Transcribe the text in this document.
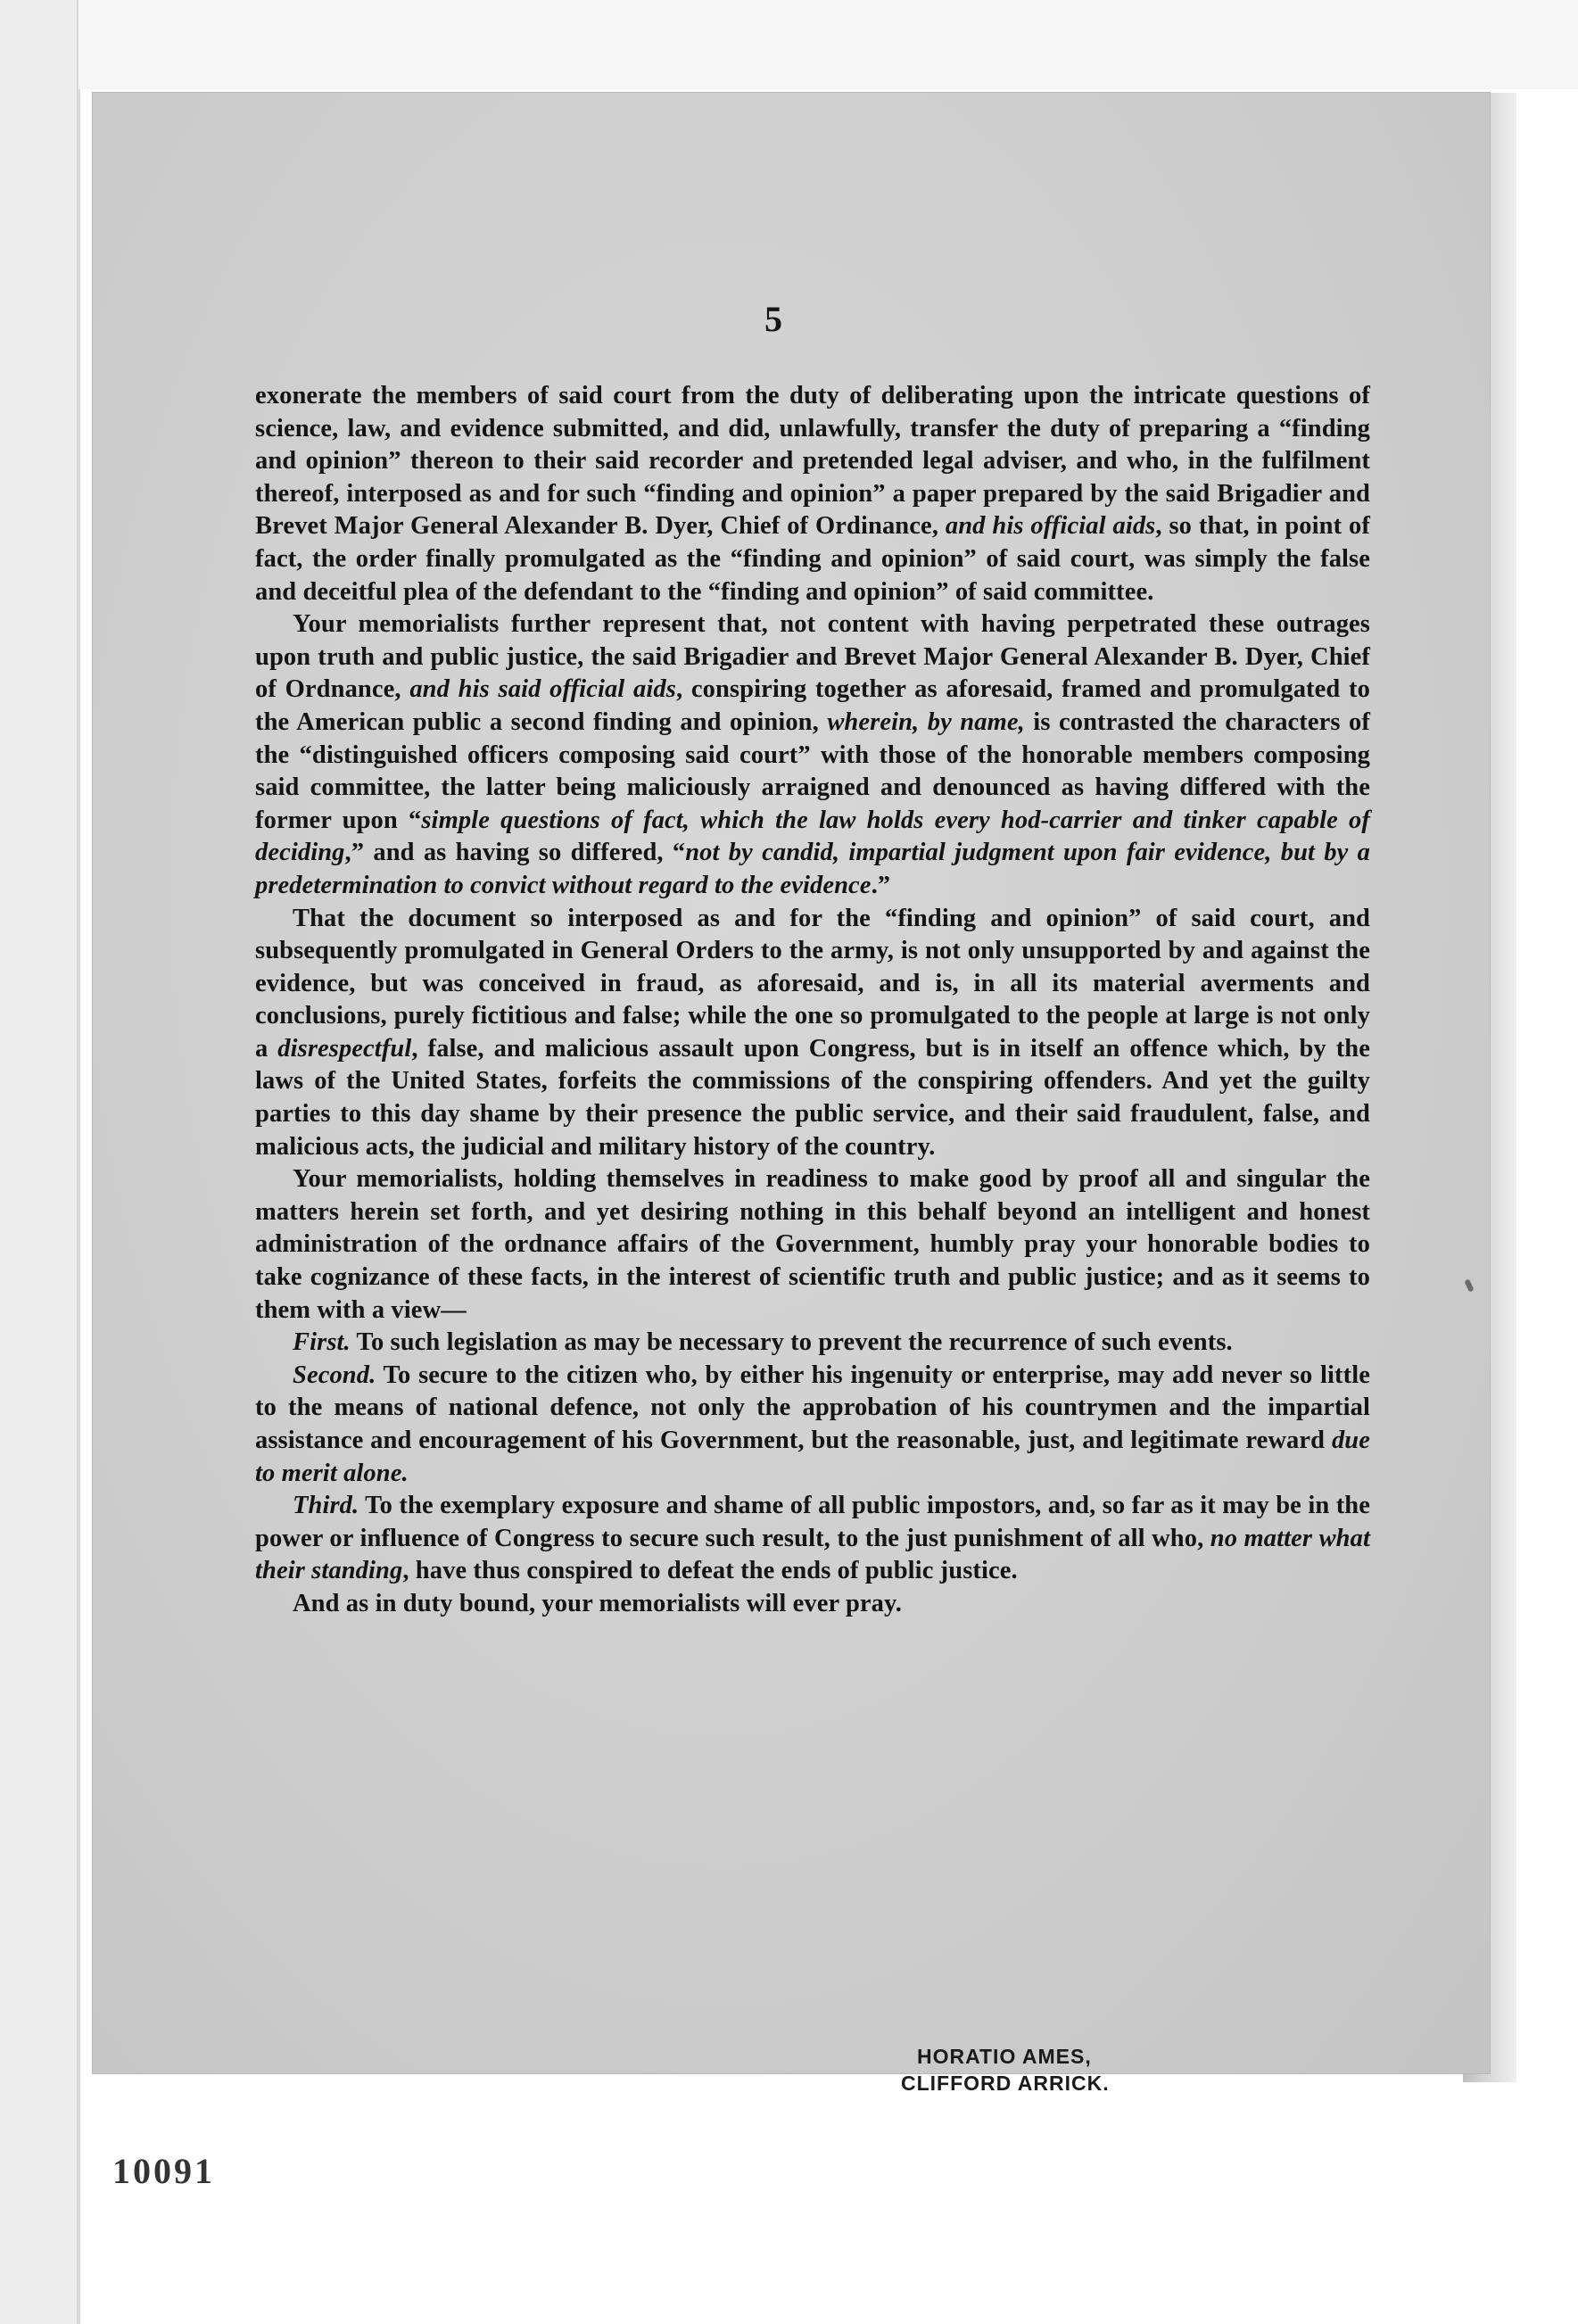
5

exonerate the members of said court from the duty of deliberating upon the intricate questions of science, law, and evidence submitted, and did, unlawfully, transfer the duty of preparing a “finding and opinion” thereon to their said recorder and pretended legal adviser, and who, in the fulfilment thereof, interposed as and for such “finding and opinion” a paper prepared by the said Brigadier and Brevet Major General Alexander B. Dyer, Chief of Ordinance, and his official aids, so that, in point of fact, the order finally promulgated as the “finding and opinion” of said court, was simply the false and deceitful plea of the defendant to the “finding and opinion” of said committee.

Your memorialists further represent that, not content with having perpetrated these outrages upon truth and public justice, the said Brigadier and Brevet Major General Alexander B. Dyer, Chief of Ordnance, and his said official aids, conspiring together as aforesaid, framed and promulgated to the American public a second finding and opinion, wherein, by name, is contrasted the characters of the “distinguished officers composing said court” with those of the honorable members composing said committee, the latter being maliciously arraigned and denounced as having differed with the former upon “simple questions of fact, which the law holds every hod-carrier and tinker capable of deciding,” and as having so differed, “not by candid, impartial judgment upon fair evidence, but by a predetermination to convict without regard to the evidence.”

That the document so interposed as and for the “finding and opinion” of said court, and subsequently promulgated in General Orders to the army, is not only unsupported by and against the evidence, but was conceived in fraud, as aforesaid, and is, in all its material averments and conclusions, purely fictitious and false; while the one so promulgated to the people at large is not only a disrespectful, false, and malicious assault upon Congress, but is in itself an offence which, by the laws of the United States, forfeits the commissions of the conspiring offenders. And yet the guilty parties to this day shame by their presence the public service, and their said fraudulent, false, and malicious acts, the judicial and military history of the country.

Your memorialists, holding themselves in readiness to make good by proof all and singular the matters herein set forth, and yet desiring nothing in this behalf beyond an intelligent and honest administration of the ordnance affairs of the Government, humbly pray your honorable bodies to take cognizance of these facts, in the interest of scientific truth and public justice; and as it seems to them with a view—

First. To such legislation as may be necessary to prevent the recurrence of such events.

Second. To secure to the citizen who, by either his ingenuity or enterprise, may add never so little to the means of national defence, not only the approbation of his countrymen and the impartial assistance and encouragement of his Government, but the reasonable, just, and legitimate reward due to merit alone.

Third. To the exemplary exposure and shame of all public impostors, and, so far as it may be in the power or influence of Congress to secure such result, to the just punishment of all who, no matter what their standing, have thus conspired to defeat the ends of public justice.

And as in duty bound, your memorialists will ever pray.

HORATIO AMES,
CLIFFORD ARRICK.
10091
